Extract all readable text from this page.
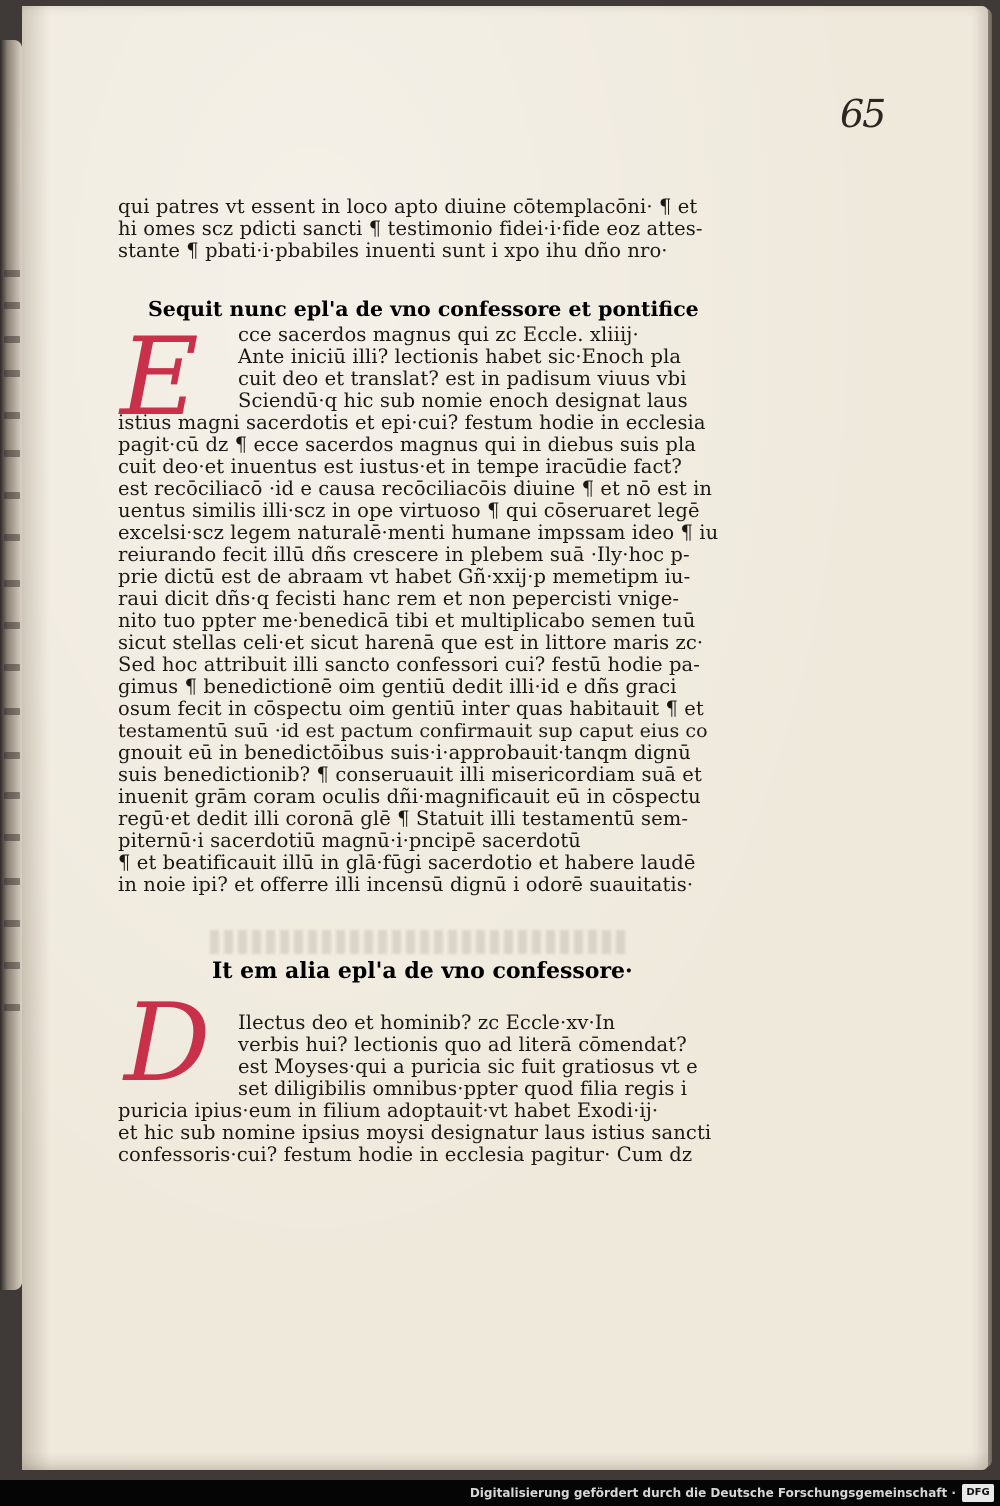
65
qui patres vt essent in loco apto diuine cōtemplacōni· ¶ et
hi omes scz pdicti sancti ¶ testimonio fidei·i·fide eoz attes-
stante ¶ pbati·i·pbabiles inuenti sunt i xpo ihu dño nro·
Sequit nunc epl'a de vno confessore et pontifice
E	cce sacerdos magnus qui zc Eccle. xliiij·
Ante iniciū illi? lectionis habet sic·Enoch pla
cuit deo et translat? est in padisum viuus vbi
Sciendū·q hic sub nomie enoch designat laus
istius magni sacerdotis et epi·cui? festum hodie in ecclesia
pagit·cū dz ¶ ecce sacerdos magnus qui in diebus suis pla
cuit deo·et inuentus est iustus·et in tempe iracūdie fact?
est recōciliacō ·id e causa recōciliacōis diuine ¶ et nō est in
uentus similis illi·scz in ope virtuoso ¶ qui cōseruaret legē
excelsi·scz legem naturalē·menti humane impssam ideo ¶ iu
reiurando fecit illū dñs crescere in plebem suā ·Ily·hoc p-
prie dictū est de abraam vt habet Gñ·xxij·p memetipm iu-
raui dicit dñs·q fecisti hanc rem et non pepercisti vnige-
nito tuo ppter me·benedicā tibi et multiplicabo semen tuū
sicut stellas celi·et sicut harenā que est in littore maris zc·
Sed hoc attribuit illi sancto confessori cui? festū hodie pa-
gimus ¶ benedictionē oim gentiū dedit illi·id e dñs graci
osum fecit in cōspectu oim gentiū inter quas habitauit ¶ et
testamentū suū ·id est pactum confirmauit sup caput eius co
gnouit eū in benedictōibus suis·i·approbauit·tanqm dignū
suis benedictionib? ¶ conseruauit illi misericordiam suā et
inuenit grām coram oculis dñi·magnificauit eū in cōspectu
regū·et dedit illi coronā glē ¶ Statuit illi testamentū sem-
piternū·i sacerdotiū magnū·i·pncipē sacerdotū
¶ et beatificauit illū in glā·fūgi sacerdotio et habere laudē
in noie ipi? et offerre illi incensū dignū i odorē suauitatis·
It em alia epl'a de vno confessore·
D	Ilectus deo et hominib? zc Eccle·xv·In
verbis hui? lectionis quo ad literā cōmendat?
est Moyses·qui a puricia sic fuit gratiosus vt e
set diligibilis omnibus·ppter quod filia regis i
puricia ipius·eum in filium adoptauit·vt habet Exodi·ij·
et hic sub nomine ipsius moysi designatur laus istius sancti
confessoris·cui? festum hodie in ecclesia pagitur· Cum dz
Digitalisierung gefördert durch die Deutsche Forschungsgemeinschaft ·	DFG
